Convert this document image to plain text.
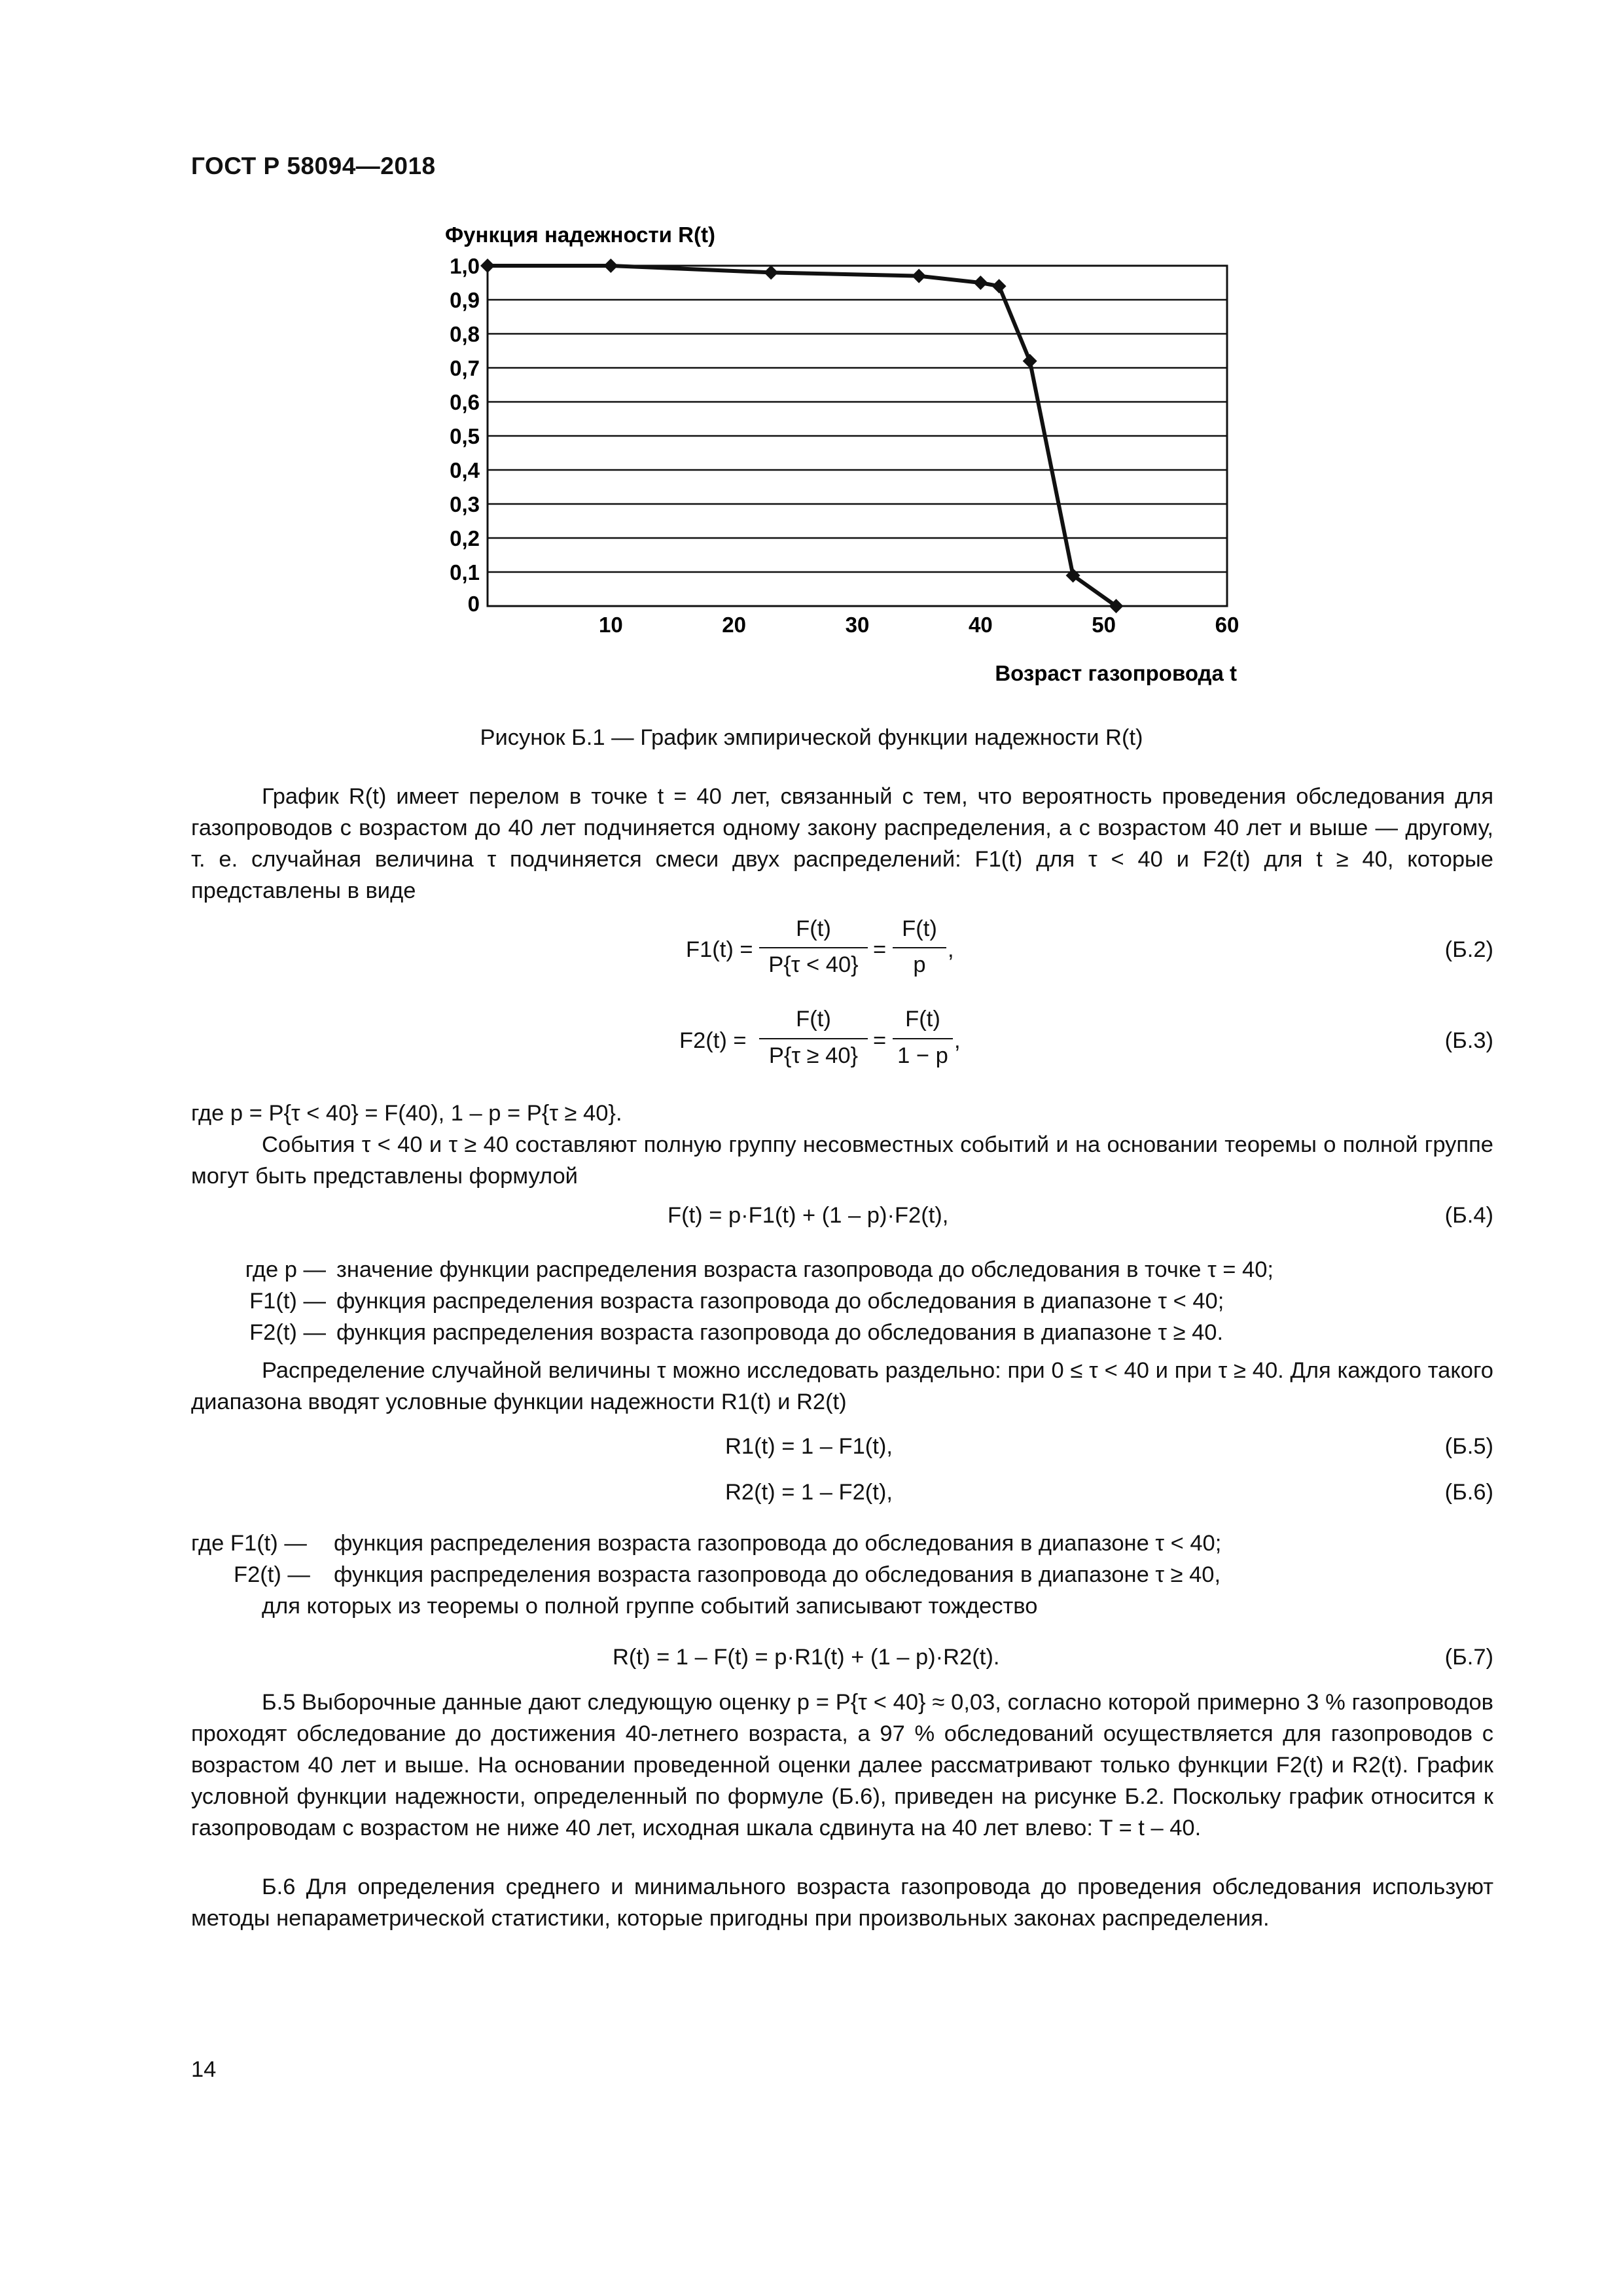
ГОСТ Р 58094—2018
Функция надежности R(t)
1,0
0,9
0,8
0,7
0,6
0,5
0,4
0,3
0,2
0,1
0
10	20	30	40	50	60
Возраст газопровода t
Рисунок Б.1 — График эмпирической функции надежности R(t)
График R(t) имеет перелом в точке t = 40 лет, связанный с тем, что вероятность проведения обследования для газопроводов с возрастом до 40 лет подчиняется одному закону распределения, а с возрастом 40 лет и выше — другому, т. е. случайная величина τ подчиняется смеси двух распределений: F1(t) для τ < 40 и F2(t) для t ≥ 40, которые представлены в виде
F1(t) =
F(t)
P{τ < 40}
=
F(t)
p
,	(Б.2)
F2(t) =
F(t)
P{τ ≥ 40}
=
F(t)
1 − p
,	(Б.3)
где p = P{τ < 40} = F(40), 1 – p = P{τ ≥ 40}.
События τ < 40 и τ ≥ 40 составляют полную группу несовместных событий и на основании теоремы о полной группе могут быть представлены формулой
F(t) = p·F1(t) + (1 – p)·F2(t),	(Б.4)
где p — значение функции распределения возраста газопровода до обследования в точке τ = 40;
F1(t) — функция распределения возраста газопровода до обследования в диапазоне τ < 40;
F2(t) — функция распределения возраста газопровода до обследования в диапазоне τ ≥ 40.
Распределение случайной величины τ можно исследовать раздельно: при 0 ≤ τ < 40 и при τ ≥ 40. Для каждого такого диапазона вводят условные функции надежности R1(t) и R2(t)
R1(t) = 1 – F1(t),	(Б.5)
R2(t) = 1 – F2(t),	(Б.6)
где F1(t) — функция распределения возраста газопровода до обследования в диапазоне τ < 40;
F2(t) — функция распределения возраста газопровода до обследования в диапазоне τ ≥ 40,
для которых из теоремы о полной группе событий записывают тождество
R(t) = 1 – F(t) = p·R1(t) + (1 – p)·R2(t).	(Б.7)
Б.5 Выборочные данные дают следующую оценку p = P{τ < 40} ≈ 0,03, согласно которой примерно 3 % газопроводов проходят обследование до достижения 40-летнего возраста, а 97 % обследований осуществляется для газопроводов с возрастом 40 лет и выше. На основании проведенной оценки далее рассматривают только функции F2(t) и R2(t). График условной функции надежности, определенный по формуле (Б.6), приведен на рисунке Б.2. Поскольку график относится к газопроводам с возрастом не ниже 40 лет, исходная шкала сдвинута на 40 лет влево: T = t – 40.
Б.6 Для определения среднего и минимального возраста газопровода до проведения обследования используют методы непараметрической статистики, которые пригодны при произвольных законах распределения.
14
